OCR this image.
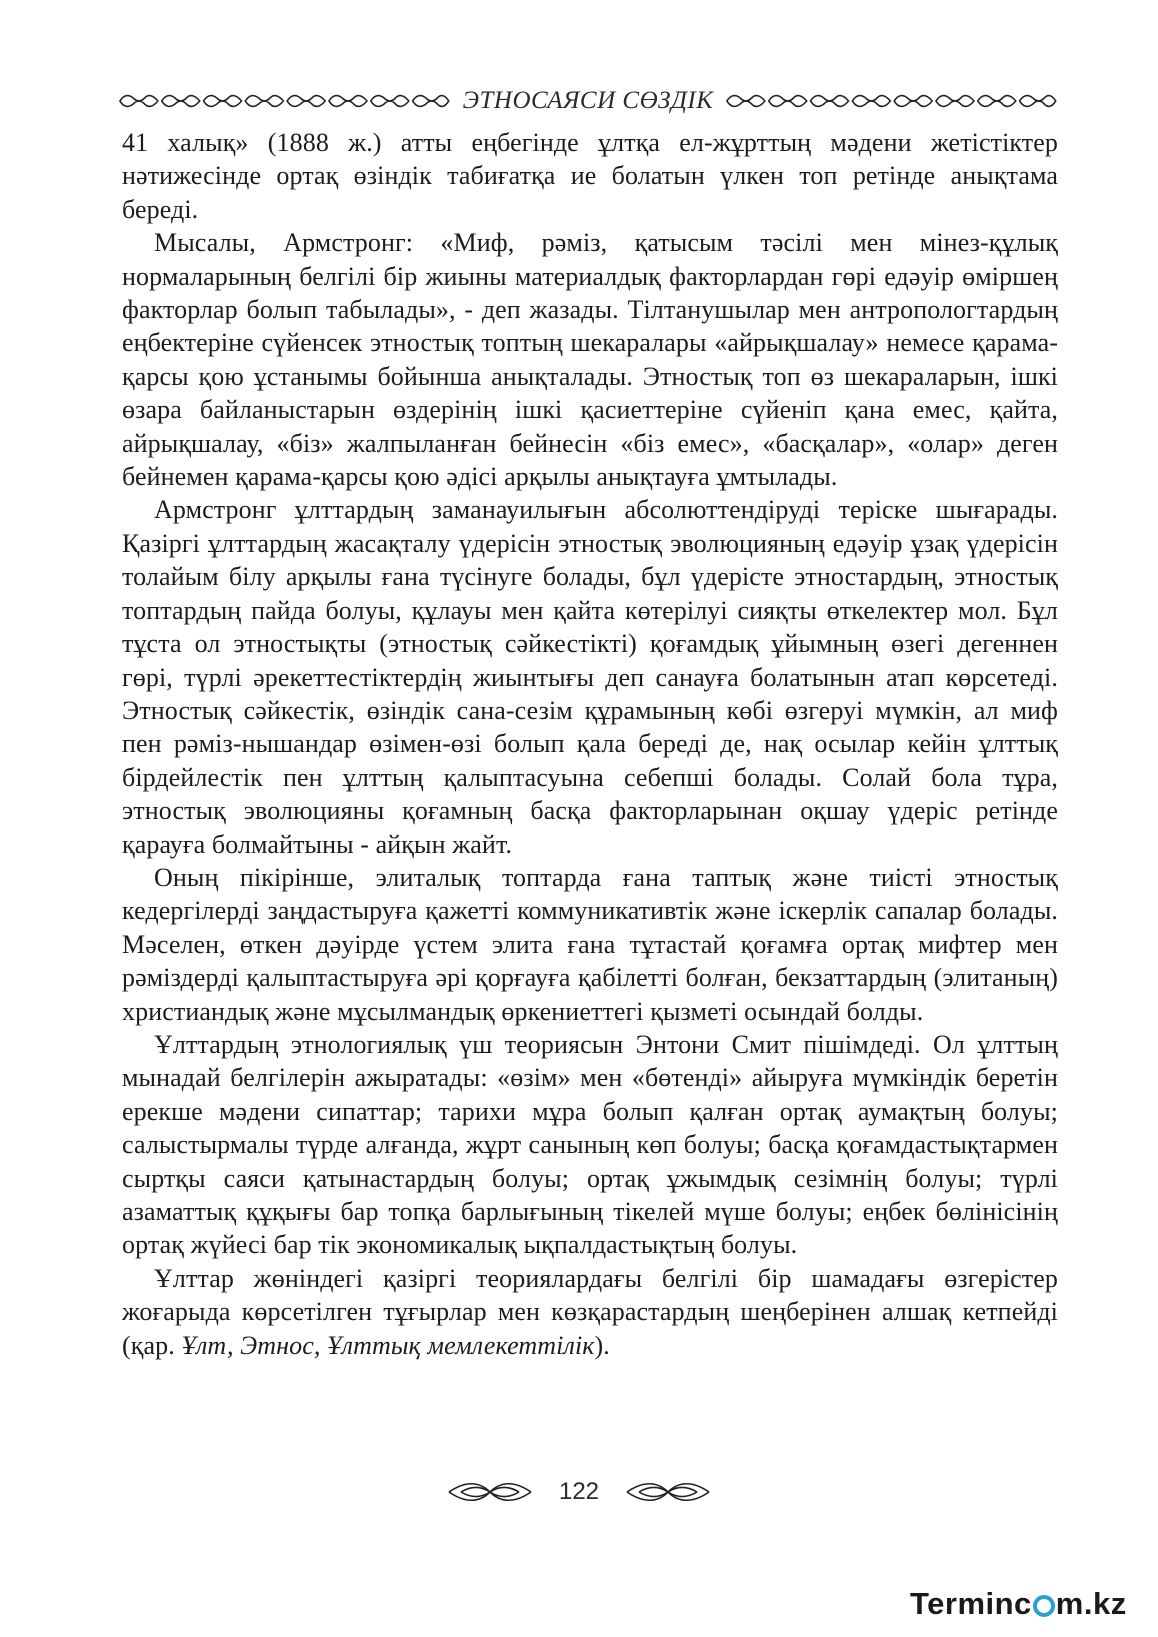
ЭТНОСАЯСИ СӨЗДІК

41 халық» (1888 ж.) атты еңбегінде ұлтқа ел-жұрттың мәдени жетістіктер нәтижесінде ортақ өзіндік табиғатқа ие болатын үлкен топ ретінде анықтама береді.

Мысалы, Армстронг: «Миф, рәміз, қатысым тәсілі мен мінез-құлық нормаларының белгілі бір жиыны материалдық факторлардан гөрі едәуір өміршең факторлар болып табылады», - деп жазады. Тілтанушылар мен антропологтардың еңбектеріне сүйенсек этностық топтың шекаралары «айрықшалау» немесе қарама-қарсы қою ұстанымы бойынша анықталады. Этностық топ өз шекараларын, ішкі өзара байланыстарын өздерінің ішкі қасиеттеріне сүйеніп қана емес, қайта, айрықшалау, «біз» жалпыланған бейнесін «біз емес», «басқалар», «олар» деген бейнемен қарама-қарсы қою әдісі арқылы анықтауға ұмтылады.

Армстронг ұлттардың заманауилығын абсолюттендіруді теріске шығарады. Қазіргі ұлттардың жасақталу үдерісін этностық эволюцияның едәуір ұзақ үдерісін толайым білу арқылы ғана түсінуге болады, бұл үдерісте этностардың, этностық топтардың пайда болуы, құлауы мен қайта көтерілуі сияқты өткелектер мол. Бұл тұста ол этностықты (этностық сәйкестікті) қоғамдық ұйымның өзегі дегеннен гөрі, түрлі әрекеттестіктердің жиынтығы деп санауға болатынын атап көрсетеді. Этностық сәйкестік, өзіндік сана-сезім құрамының көбі өзгеруі мүмкін, ал миф пен рәміз-нышандар өзімен-өзі болып қала береді де, нақ осылар кейін ұлттық бірдейлестік пен ұлттың қалыптасуына себепші болады. Солай бола тұра, этностық эволюцияны қоғамның басқа факторларынан оқшау үдеріс ретінде қарауға болмайтыны - айқын жайт.

Оның пікірінше, элиталық топтарда ғана таптық және тиісті этностық кедергілерді заңдастыруға қажетті коммуникативтік және іскерлік сапалар болады. Мәселен, өткен дәуірде үстем элита ғана тұтастай қоғамға ортақ мифтер мен рәміздерді қалыптастыруға әрі қорғауға қабілетті болған, бекзаттардың (элитаның) христиандық және мұсылмандық өркениеттегі қызметі осындай болды.

Ұлттардың этнологиялық үш теориясын Энтони Смит пішімдеді. Ол ұлттың мынадай белгілерін ажыратады: «өзім» мен «бөтенді» айыруға мүмкіндік беретін ерекше мәдени сипаттар; тарихи мұра болып қалған ортақ аумақтың болуы; салыстырмалы түрде алғанда, жұрт санының көп болуы; басқа қоғамдастықтармен сыртқы саяси қатынастардың болуы; ортақ ұжымдық сезімнің болуы; түрлі азаматтық құқығы бар топқа барлығының тікелей мүше болуы; еңбек бөлінісінің ортақ жүйесі бар тік экономикалық ықпалдастықтың болуы.

Ұлттар жөніндегі қазіргі теориялардағы белгілі бір шамадағы өзгерістер жоғарыда көрсетілген тұғырлар мен көзқарастардың шеңберінен алшақ кетпейді (қар. Ұлт, Этнос, Ұлттық мемлекеттілік).

122
Terminc m.kz
